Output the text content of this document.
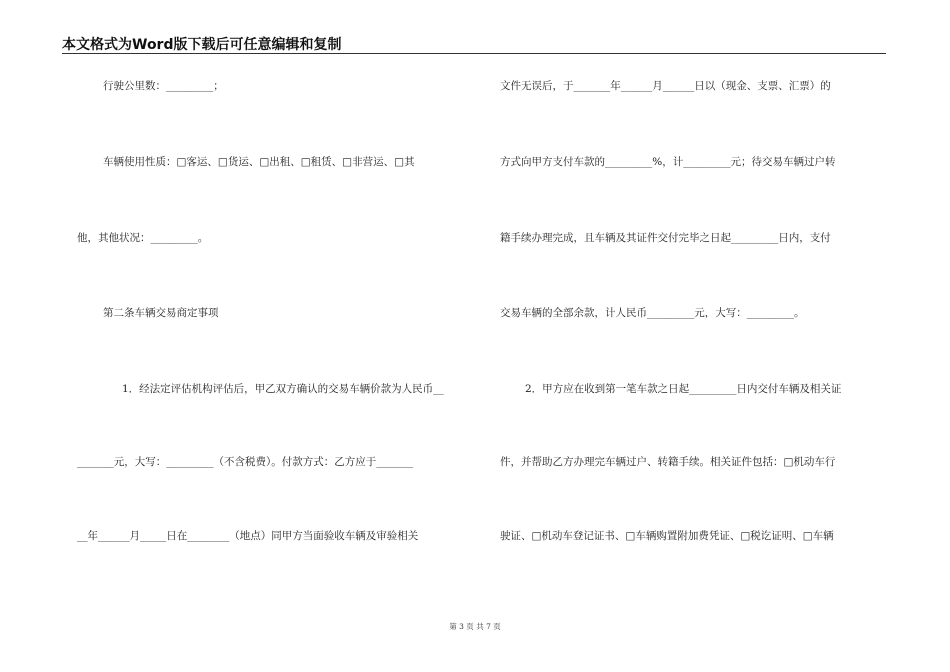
本文格式为Word版下载后可任意编辑和复制
行驶公里数：_________；
车辆使用性质：□客运、□货运、□出租、□租赁、□非营运、□其
他，其他状况：_________。
第二条车辆交易商定事项
1．经法定评估机构评估后，甲乙双方确认的交易车辆价款为人民币__
_______元，大写：_________（不含税费）。付款方式：乙方应于_______
__年______月_____日在________（地点）同甲方当面验收车辆及审验相关
文件无误后，于_______年______月______日以（现金、支票、汇票）的
方式向甲方支付车款的_________%，计_________元；待交易车辆过户转
籍手续办理完成，且车辆及其证件交付完毕之日起_________日内，支付
交易车辆的全部余款，计人民币_________元，大写：_________。
2．甲方应在收到第一笔车款之日起_________日内交付车辆及相关证
件，并帮助乙方办理完车辆过户、转籍手续。相关证件包括：□机动车行
驶证、□机动车登记证书、□车辆购置附加费凭证、□税讫证明、□车辆
第 3 页 共 7 页
